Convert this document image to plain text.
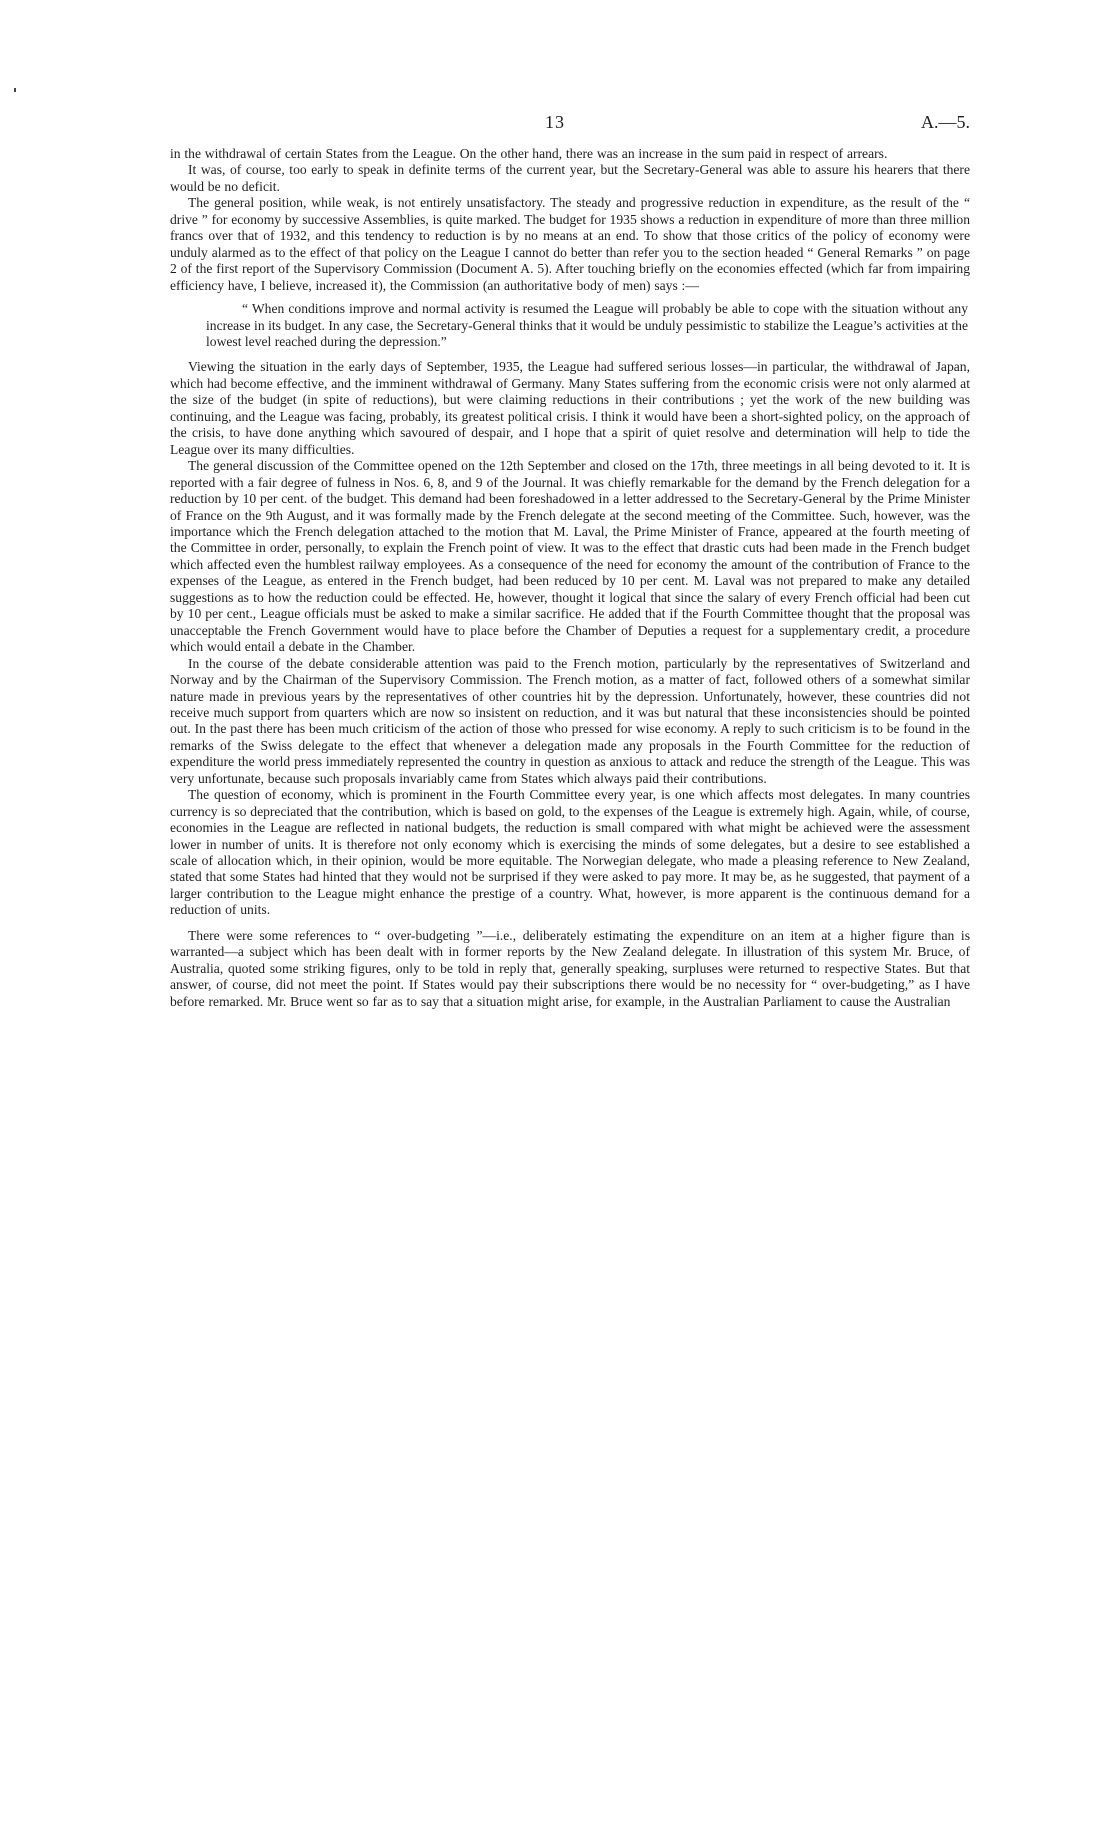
13	A.—5.

in the withdrawal of certain States from the League. On the other hand, there was an increase in the sum paid in respect of arrears.

It was, of course, too early to speak in definite terms of the current year, but the Secretary-General was able to assure his hearers that there would be no deficit.

The general position, while weak, is not entirely unsatisfactory. The steady and progressive reduction in expenditure, as the result of the “ drive ” for economy by successive Assemblies, is quite marked. The budget for 1935 shows a reduction in expenditure of more than three million francs over that of 1932, and this tendency to reduction is by no means at an end. To show that those critics of the policy of economy were unduly alarmed as to the effect of that policy on the League I cannot do better than refer you to the section headed “ General Remarks ” on page 2 of the first report of the Supervisory Commission (Document A. 5). After touching briefly on the economies effected (which far from impairing efficiency have, I believe, increased it), the Commission (an authoritative body of men) says :—

“ When conditions improve and normal activity is resumed the League will probably be able to cope with the situation without any increase in its budget. In any case, the Secretary-General thinks that it would be unduly pessimistic to stabilize the League’s activities at the lowest level reached during the depression.”

Viewing the situation in the early days of September, 1935, the League had suffered serious losses—in particular, the withdrawal of Japan, which had become effective, and the imminent withdrawal of Germany. Many States suffering from the economic crisis were not only alarmed at the size of the budget (in spite of reductions), but were claiming reductions in their contributions ; yet the work of the new building was continuing, and the League was facing, probably, its greatest political crisis. I think it would have been a short-sighted policy, on the approach of the crisis, to have done anything which savoured of despair, and I hope that a spirit of quiet resolve and determination will help to tide the League over its many difficulties.

The general discussion of the Committee opened on the 12th September and closed on the 17th, three meetings in all being devoted to it. It is reported with a fair degree of fulness in Nos. 6, 8, and 9 of the Journal. It was chiefly remarkable for the demand by the French delegation for a reduction by 10 per cent. of the budget. This demand had been foreshadowed in a letter addressed to the Secretary-General by the Prime Minister of France on the 9th August, and it was formally made by the French delegate at the second meeting of the Committee. Such, however, was the importance which the French delegation attached to the motion that M. Laval, the Prime Minister of France, appeared at the fourth meeting of the Committee in order, personally, to explain the French point of view. It was to the effect that drastic cuts had been made in the French budget which affected even the humblest railway employees. As a consequence of the need for economy the amount of the contribution of France to the expenses of the League, as entered in the French budget, had been reduced by 10 per cent. M. Laval was not prepared to make any detailed suggestions as to how the reduction could be effected. He, however, thought it logical that since the salary of every French official had been cut by 10 per cent., League officials must be asked to make a similar sacrifice. He added that if the Fourth Committee thought that the proposal was unacceptable the French Government would have to place before the Chamber of Deputies a request for a supplementary credit, a procedure which would entail a debate in the Chamber.

In the course of the debate considerable attention was paid to the French motion, particularly by the representatives of Switzerland and Norway and by the Chairman of the Supervisory Commission. The French motion, as a matter of fact, followed others of a somewhat similar nature made in previous years by the representatives of other countries hit by the depression. Unfortunately, however, these countries did not receive much support from quarters which are now so insistent on reduction, and it was but natural that these inconsistencies should be pointed out. In the past there has been much criticism of the action of those who pressed for wise economy. A reply to such criticism is to be found in the remarks of the Swiss delegate to the effect that whenever a delegation made any proposals in the Fourth Committee for the reduction of expenditure the world press immediately represented the country in question as anxious to attack and reduce the strength of the League. This was very unfortunate, because such proposals invariably came from States which always paid their contributions.

The question of economy, which is prominent in the Fourth Committee every year, is one which affects most delegates. In many countries currency is so depreciated that the contribution, which is based on gold, to the expenses of the League is extremely high. Again, while, of course, economies in the League are reflected in national budgets, the reduction is small compared with what might be achieved were the assessment lower in number of units. It is therefore not only economy which is exercising the minds of some delegates, but a desire to see established a scale of allocation which, in their opinion, would be more equitable. The Norwegian delegate, who made a pleasing reference to New Zealand, stated that some States had hinted that they would not be surprised if they were asked to pay more. It may be, as he suggested, that payment of a larger contribution to the League might enhance the prestige of a country. What, however, is more apparent is the continuous demand for a reduction of units.

There were some references to “ over-budgeting ”—i.e., deliberately estimating the expenditure on an item at a higher figure than is warranted—a subject which has been dealt with in former reports by the New Zealand delegate. In illustration of this system Mr. Bruce, of Australia, quoted some striking figures, only to be told in reply that, generally speaking, surpluses were returned to respective States. But that answer, of course, did not meet the point. If States would pay their subscriptions there would be no necessity for “ over-budgeting,” as I have before remarked. Mr. Bruce went so far as to say that a situation might arise, for example, in the Australian Parliament to cause the Australian
